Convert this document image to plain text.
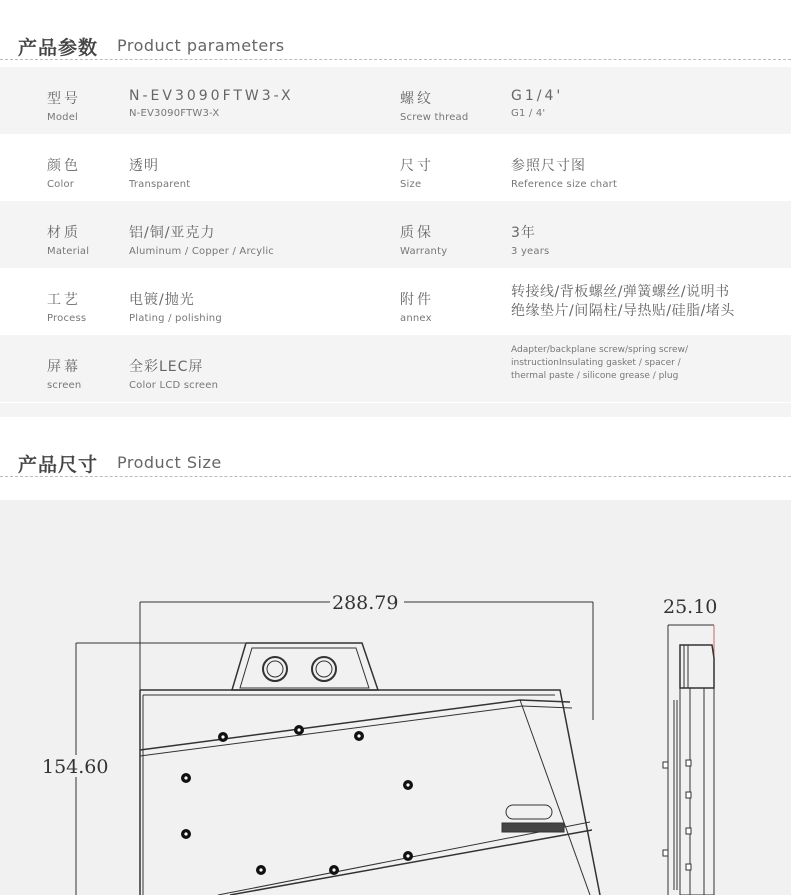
产品参数 Product parameters
型号
Model
N-EV3090FTW3-X
N-EV3090FTW3-X
螺纹
Screw thread
G1/4'
G1 / 4'
颜色
Color
透明
Transparent
尺寸
Size
参照尺寸图
Reference size chart
材质
Material
铝/铜/亚克力
Aluminum / Copper / Arcylic
质保
Warranty
3年
3 years
工艺
Process
电镀/抛光
Plating / polishing
附件
annex
转接线/背板螺丝/弹簧螺丝/说明书
绝缘垫片/间隔柱/导热贴/硅脂/堵头
屏幕
screen
全彩LEC屏
Color LCD screen
Adapter/backplane screw/spring screw/
instructionInsulating gasket / spacer /
thermal paste / silicone grease / plug
产品尺寸 Product Size
288.79
154.60
25.10
